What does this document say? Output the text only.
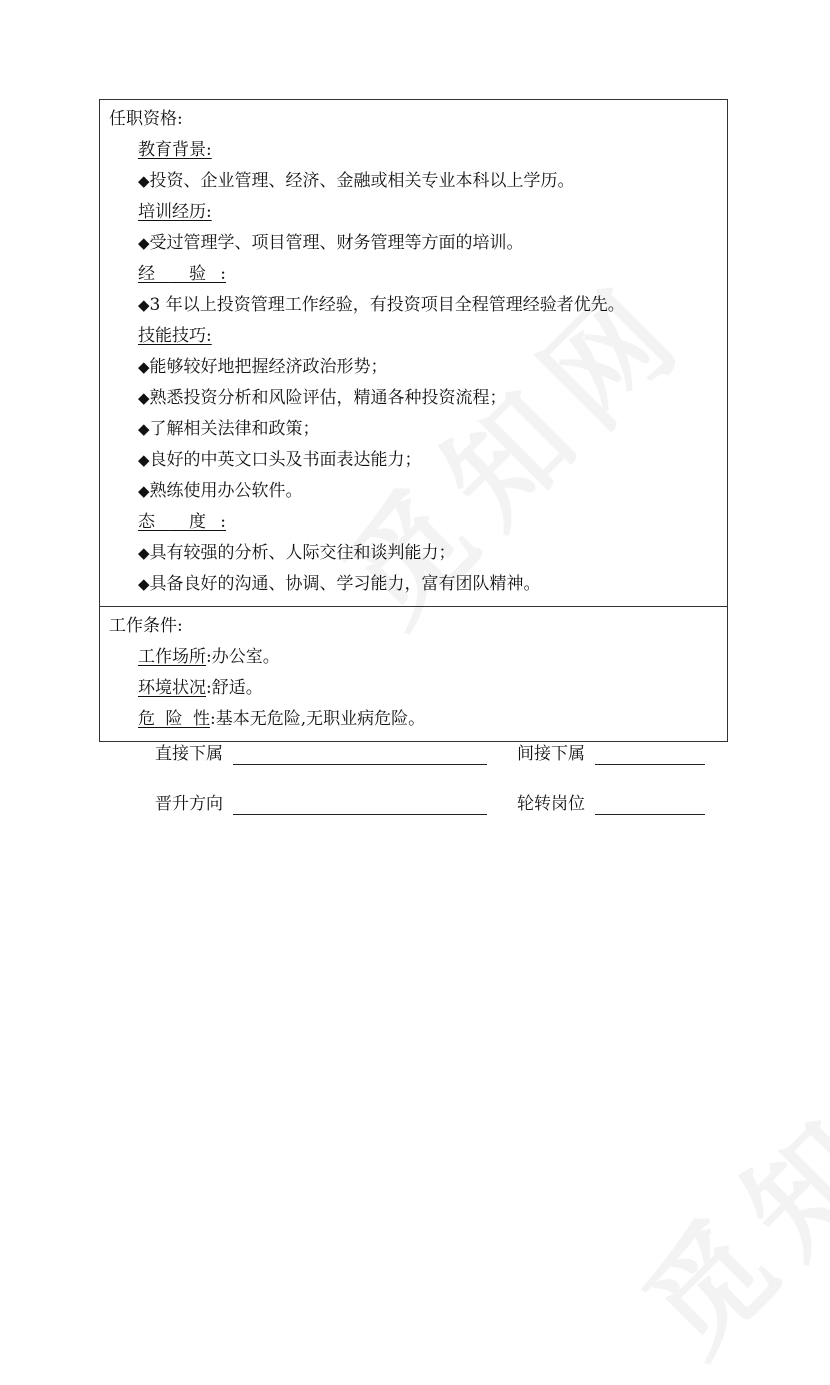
任职资格:
教育背景:
◆投资、企业管理、经济、金融或相关专业本科以上学历。
培训经历:
◆受过管理学、项目管理、财务管理等方面的培训。
经 验:
◆3 年以上投资管理工作经验，有投资项目全程管理经验者优先。
技能技巧:
◆能够较好地把握经济政治形势；
◆熟悉投资分析和风险评估，精通各种投资流程；
◆了解相关法律和政策；
◆良好的中英文口头及书面表达能力；
◆熟练使用办公软件。
态 度:
◆具有较强的分析、人际交往和谈判能力；
◆具备良好的沟通、协调、学习能力，富有团队精神。
工作条件:
工作场所:办公室。
环境状况:舒适。
危 险 性:基本无危险,无职业病危险。
直接下属	间接下属
晋升方向	轮转岗位
